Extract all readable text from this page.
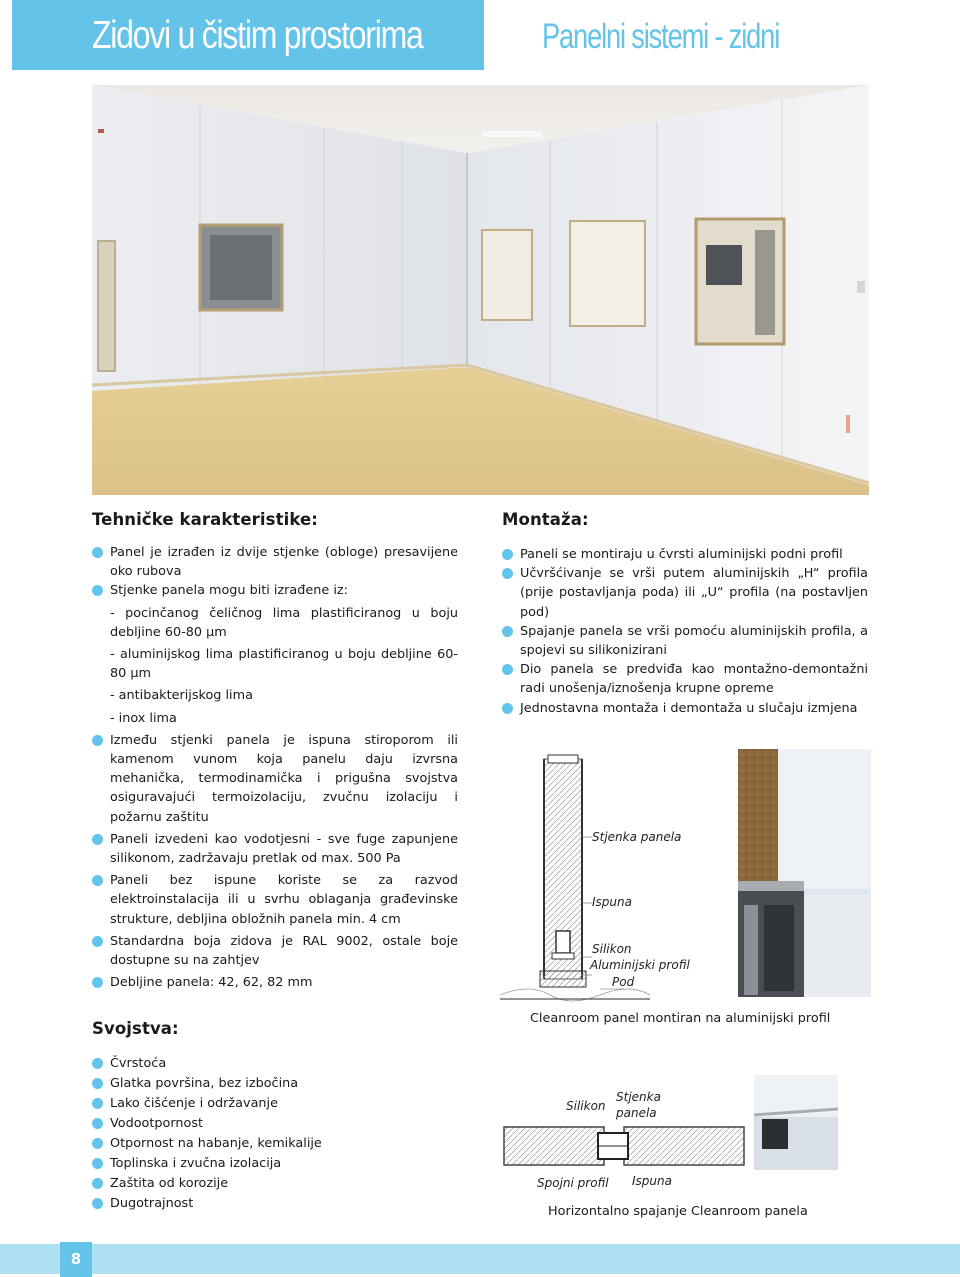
Zidovi u čistim prostorima	Panelni sistemi - zidni
Tehničke karakteristike:
Panel je izrađen iz dvije stjenke (obloge) presavijene oko rubova
Stjenke panela mogu biti izrađene iz:
- pocinčanog čeličnog lima plastificiranog u boju debljine 60-80 µm
- aluminijskog lima plastificiranog u boju debljine 60-80 µm
- antibakterijskog lima
- inox lima
Između stjenki panela je ispuna stiroporom ili kamenom vunom koja panelu daju izvrsna mehanička, termodinamička i prigušna svojstva osiguravajući termoizolaciju, zvučnu izolaciju i požarnu zaštitu
Paneli izvedeni kao vodotjesni - sve fuge zapunjene silikonom, zadržavaju pretlak od max. 500 Pa
Paneli bez ispune koriste se za razvod elektroinstalacija ili u svrhu oblaganja građevinske strukture, debljina obložnih panela min. 4 cm
Standardna boja zidova je RAL 9002, ostale boje dostupne su na zahtjev
Debljine panela: 42, 62, 82 mm
Montaža:
Paneli se montiraju u čvrsti aluminijski podni profil
Učvršćivanje se vrši putem aluminijskih „H“ profila (prije postavljanja poda) ili „U“ profila (na postavljen pod)
Spajanje panela se vrši pomoću aluminijskih profila, a spojevi su silikonizirani
Dio panela se predviđa kao montažno-demontažni radi unošenja/iznošenja krupne opreme
Jednostavna montaža i demontaža u slučaju izmjena
Stjenka panela
Ispuna
Silikon
Aluminijski profil
Pod
Cleanroom panel montiran na aluminijski profil
Svojstva:
Čvrstoća
Glatka površina, bez izbočina
Lako čišćenje i održavanje
Vodootpornost
Otpornost na habanje, kemikalije
Toplinska i zvučna izolacija
Zaštita od korozije
Dugotrajnost
Silikon
Stjenka panela
Spojni profil Ispuna
Horizontalno spajanje Cleanroom panela
8
